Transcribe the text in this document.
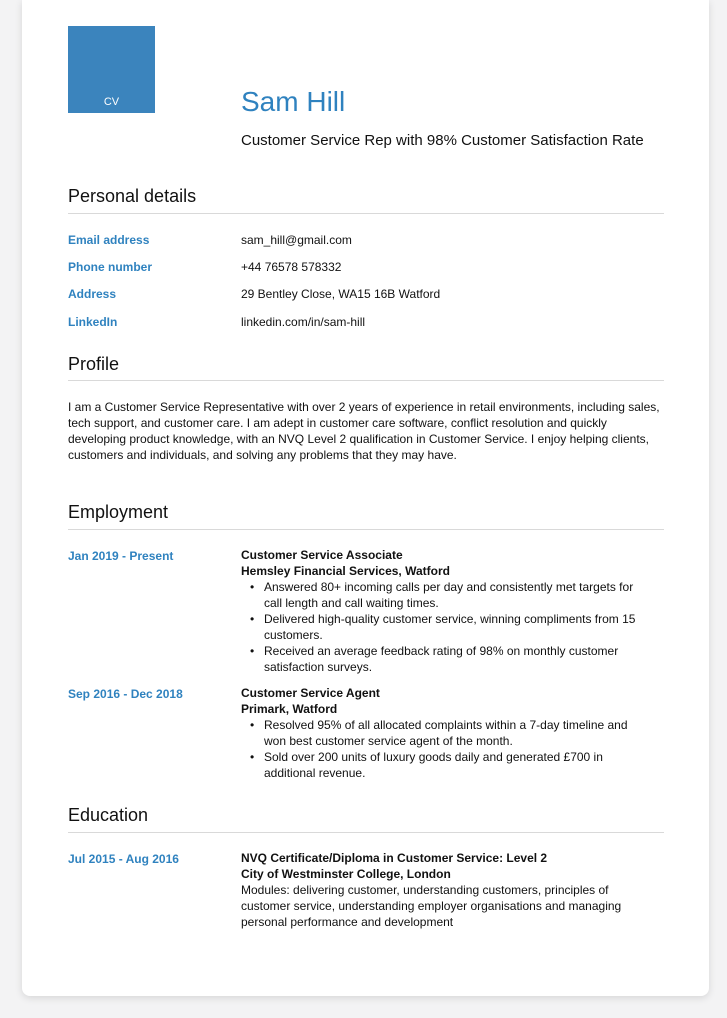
CV	Sam Hill
Customer Service Rep with 98% Customer Satisfaction Rate
Personal details
Email address	sam_hill@gmail.com
Phone number	+44 76578 578332
Address	29 Bentley Close, WA15 16B Watford
LinkedIn	linkedin.com/in/sam-hill
Profile
I am a Customer Service Representative with over 2 years of experience in retail environments, including sales, tech support, and customer care. I am adept in customer care software, conflict resolution and quickly developing product knowledge, with an NVQ Level 2 qualification in Customer Service. I enjoy helping clients, customers and individuals, and solving any problems that they may have.
Employment
Jan 2019 - Present	Customer Service Associate
Hemsley Financial Services, Watford
• Answered 80+ incoming calls per day and consistently met targets for call length and call waiting times.
• Delivered high-quality customer service, winning compliments from 15 customers.
• Received an average feedback rating of 98% on monthly customer satisfaction surveys.
Sep 2016 - Dec 2018	Customer Service Agent
Primark, Watford
• Resolved 95% of all allocated complaints within a 7-day timeline and won best customer service agent of the month.
• Sold over 200 units of luxury goods daily and generated £700 in additional revenue.
Education
Jul 2015 - Aug 2016	NVQ Certificate/Diploma in Customer Service: Level 2
City of Westminster College, London
Modules: delivering customer, understanding customers, principles of customer service, understanding employer organisations and managing personal performance and development
